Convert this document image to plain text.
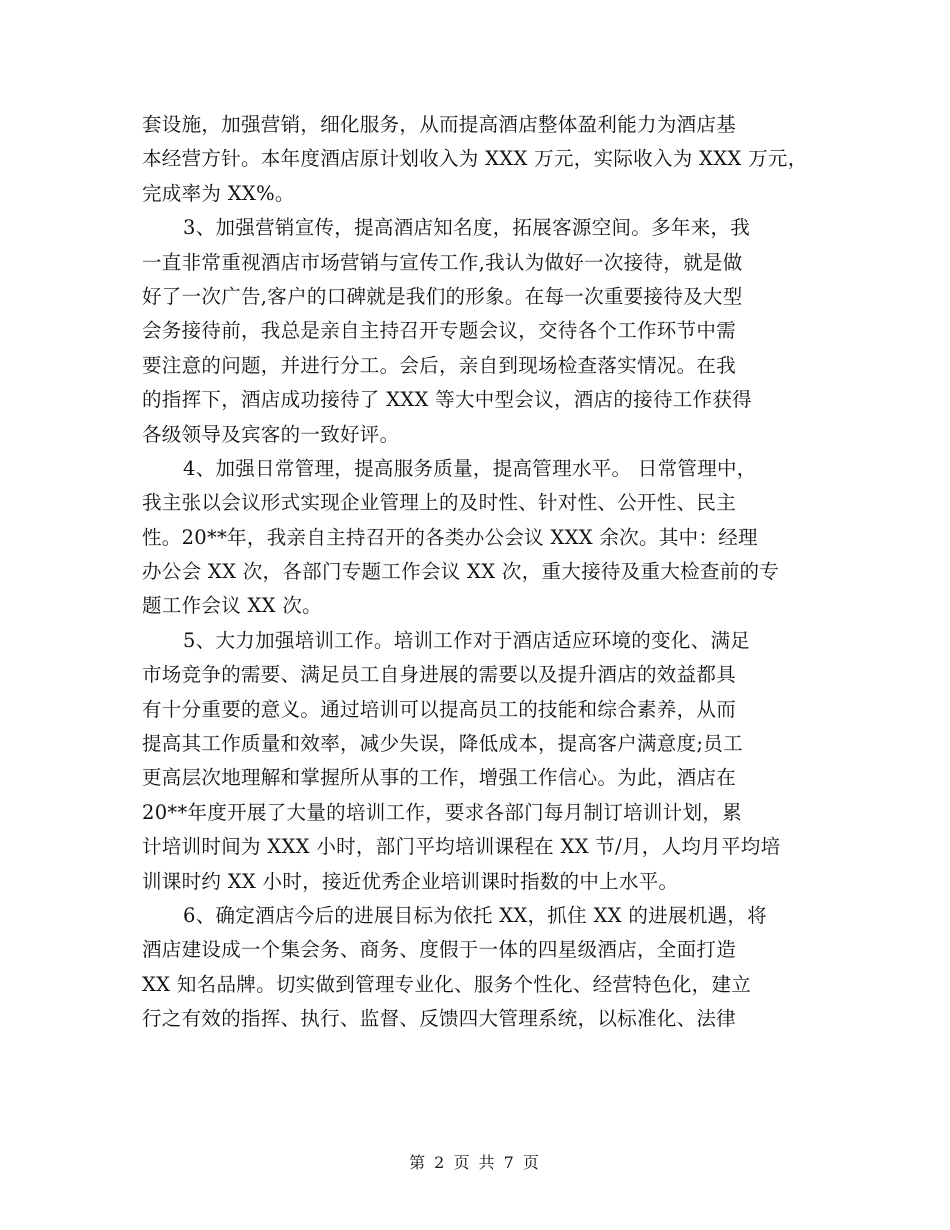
套设施，加强营销，细化服务，从而提高酒店整体盈利能力为酒店基
本经营方针。本年度酒店原计划收入为 XXX 万元，实际收入为 XXX 万元，
完成率为 XX%。
3、加强营销宣传，提高酒店知名度，拓展客源空间。多年来，我
一直非常重视酒店市场营销与宣传工作,我认为做好一次接待，就是做
好了一次广告,客户的口碑就是我们的形象。在每一次重要接待及大型
会务接待前，我总是亲自主持召开专题会议，交待各个工作环节中需
要注意的问题，并进行分工。会后，亲自到现场检查落实情况。在我
的指挥下，酒店成功接待了 XXX 等大中型会议，酒店的接待工作获得
各级领导及宾客的一致好评。
4、加强日常管理，提高服务质量，提高管理水平。 日常管理中，
我主张以会议形式实现企业管理上的及时性、针对性、公开性、民主
性。20**年，我亲自主持召开的各类办公会议 XXX 余次。其中：经理
办公会 XX 次，各部门专题工作会议 XX 次，重大接待及重大检查前的专
题工作会议 XX 次。
5、大力加强培训工作。培训工作对于酒店适应环境的变化、满足
市场竞争的需要、满足员工自身进展的需要以及提升酒店的效益都具
有十分重要的意义。通过培训可以提高员工的技能和综合素养，从而
提高其工作质量和效率，减少失误，降低成本，提高客户满意度;员工
更高层次地理解和掌握所从事的工作，增强工作信心。为此，酒店在
20**年度开展了大量的培训工作，要求各部门每月制订培训计划，累
计培训时间为 XXX 小时，部门平均培训课程在 XX 节/月，人均月平均培
训课时约 XX 小时，接近优秀企业培训课时指数的中上水平。
6、确定酒店今后的进展目标为依托 XX，抓住 XX 的进展机遇，将
酒店建设成一个集会务、商务、度假于一体的四星级酒店，全面打造
XX 知名品牌。切实做到管理专业化、服务个性化、经营特色化，建立
行之有效的指挥、执行、监督、反馈四大管理系统，以标准化、法律
第 2 页 共 7 页
